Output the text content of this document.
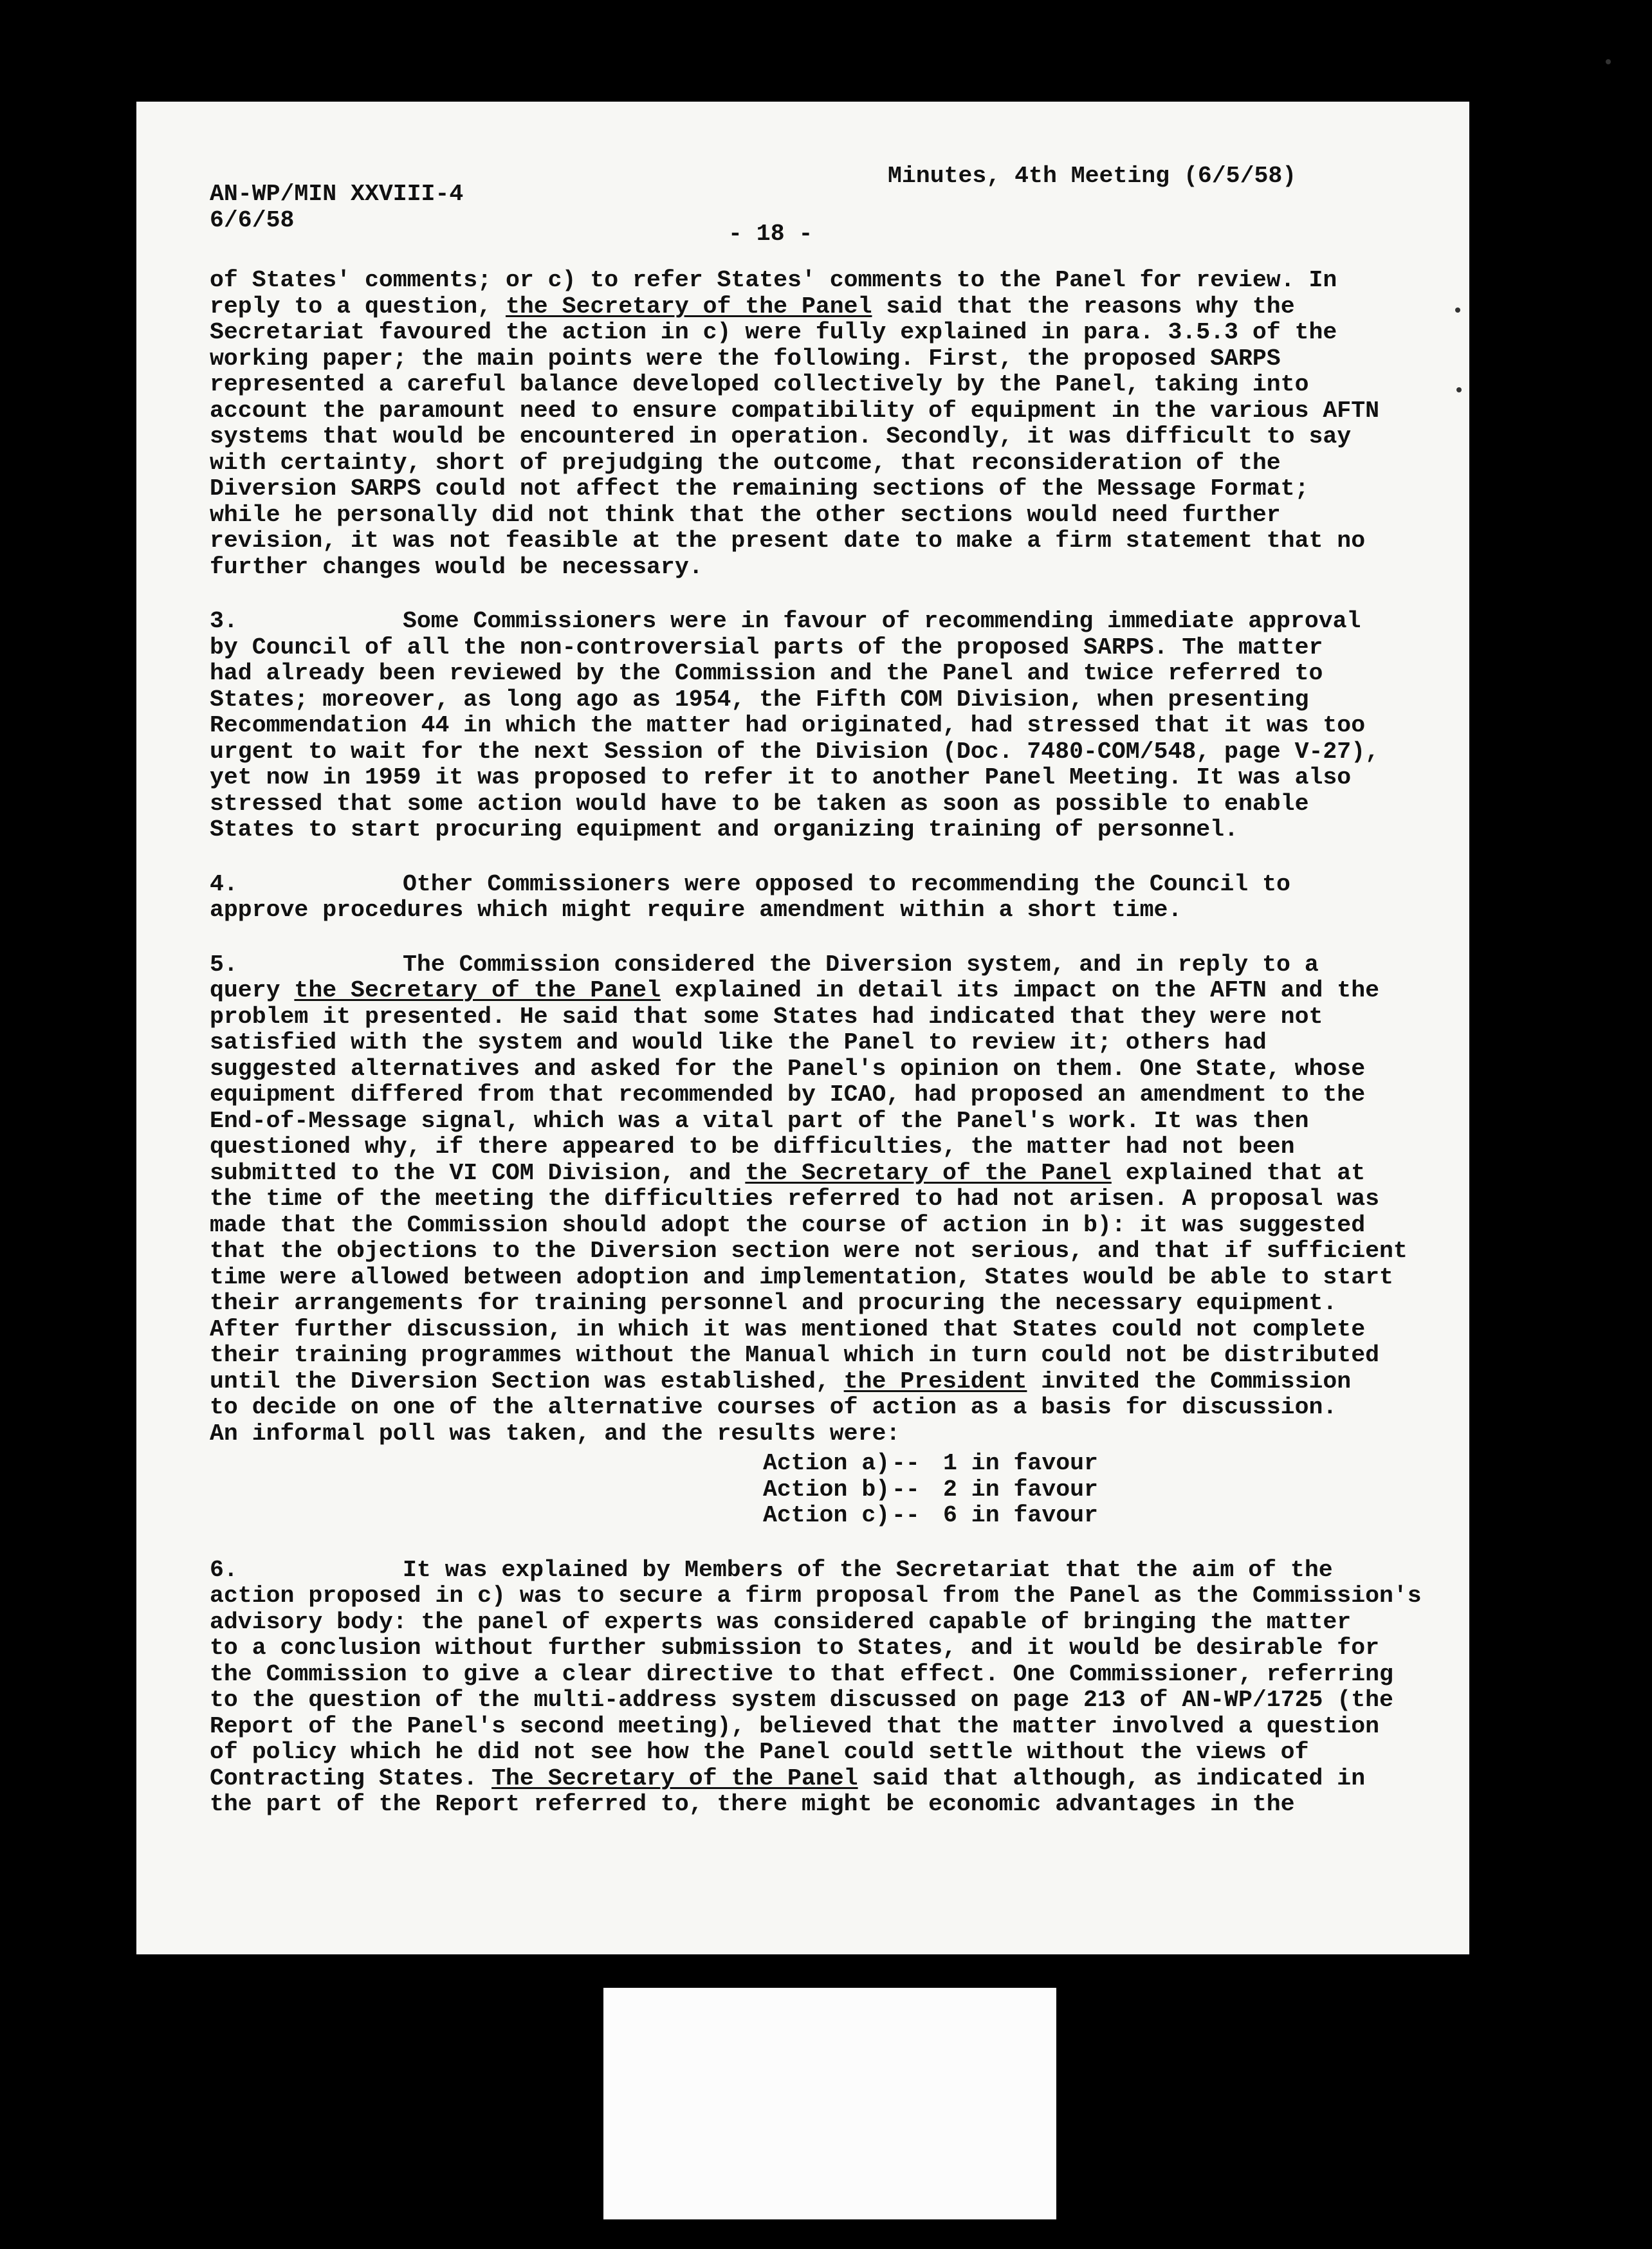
AN-WP/MIN XXVIII-4
6/6/58
Minutes, 4th Meeting (6/5/58)
- 18 -
of States' comments; or c) to refer States' comments to the Panel for review. In
reply to a question, the Secretary of the Panel said that the reasons why the
Secretariat favoured the action in c) were fully explained in para. 3.5.3 of the
working paper; the main points were the following. First, the proposed SARPS
represented a careful balance developed collectively by the Panel, taking into
account the paramount need to ensure compatibility of equipment in the various AFTN
systems that would be encountered in operation. Secondly, it was difficult to say
with certainty, short of prejudging the outcome, that reconsideration of the
Diversion SARPS could not affect the remaining sections of the Message Format;
while he personally did not think that the other sections would need further
revision, it was not feasible at the present date to make a firm statement that no
further changes would be necessary.
3.	Some Commissioners were in favour of recommending immediate approval
by Council of all the non-controversial parts of the proposed SARPS. The matter
had already been reviewed by the Commission and the Panel and twice referred to
States; moreover, as long ago as 1954, the Fifth COM Division, when presenting
Recommendation 44 in which the matter had originated, had stressed that it was too
urgent to wait for the next Session of the Division (Doc. 7480-COM/548, page V-27),
yet now in 1959 it was proposed to refer it to another Panel Meeting. It was also
stressed that some action would have to be taken as soon as possible to enable
States to start procuring equipment and organizing training of personnel.
4.	Other Commissioners were opposed to recommending the Council to
approve procedures which might require amendment within a short time.
5.	The Commission considered the Diversion system, and in reply to a
query the Secretary of the Panel explained in detail its impact on the AFTN and the
problem it presented. He said that some States had indicated that they were not
satisfied with the system and would like the Panel to review it; others had
suggested alternatives and asked for the Panel's opinion on them. One State, whose
equipment differed from that recommended by ICAO, had proposed an amendment to the
End-of-Message signal, which was a vital part of the Panel's work. It was then
questioned why, if there appeared to be difficulties, the matter had not been
submitted to the VI COM Division, and the Secretary of the Panel explained that at
the time of the meeting the difficulties referred to had not arisen. A proposal was
made that the Commission should adopt the course of action in b): it was suggested
that the objections to the Diversion section were not serious, and that if sufficient
time were allowed between adoption and implementation, States would be able to start
their arrangements for training personnel and procuring the necessary equipment.
After further discussion, in which it was mentioned that States could not complete
their training programmes without the Manual which in turn could not be distributed
until the Diversion Section was established, the President invited the Commission
to decide on one of the alternative courses of action as a basis for discussion.
An informal poll was taken, and the results were:
Action a)-- 1 in favour
Action b)-- 2 in favour
Action c)-- 6 in favour
6.	It was explained by Members of the Secretariat that the aim of the
action proposed in c) was to secure a firm proposal from the Panel as the Commission's
advisory body: the panel of experts was considered capable of bringing the matter
to a conclusion without further submission to States, and it would be desirable for
the Commission to give a clear directive to that effect. One Commissioner, referring
to the question of the multi-address system discussed on page 213 of AN-WP/1725 (the
Report of the Panel's second meeting), believed that the matter involved a question
of policy which he did not see how the Panel could settle without the views of
Contracting States. The Secretary of the Panel said that although, as indicated in
the part of the Report referred to, there might be economic advantages in the
